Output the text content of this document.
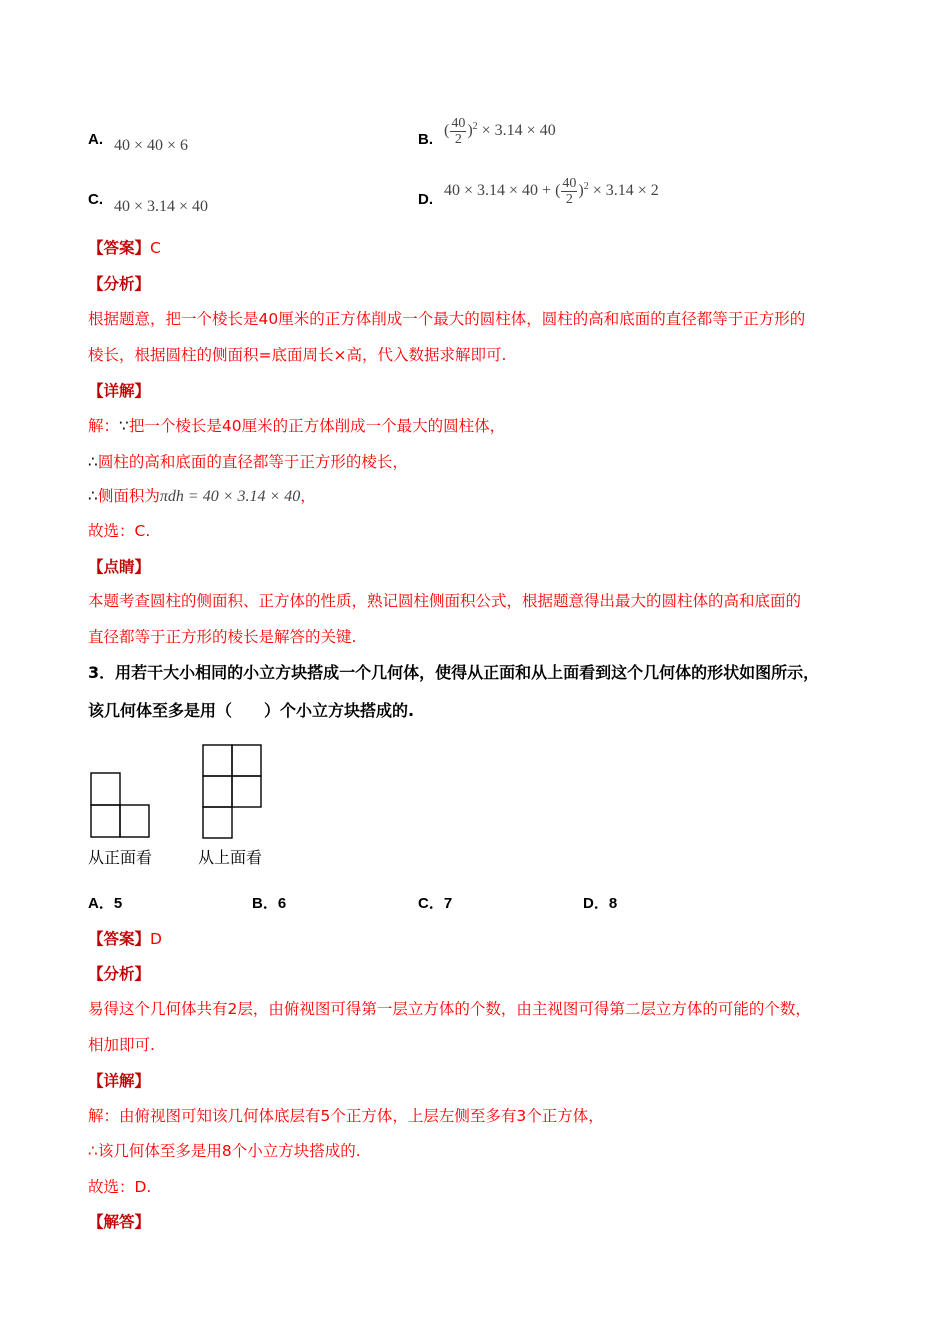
A. 40 × 40 × 6	B.
( $\frac{40}{2} )^2 \times 3.14 \times 40$
C. 40 × 3.14 × 40	D.
40 × 3.14 × 40 + ( $\frac{40}{2} )^2 \times 3.14 \times 2$
【答案】C
【分析】
根据题意，把一个棱长是40厘米的正方体削成一个最大的圆柱体，圆柱的高和底面的直径都等于正方形的
棱长，根据圆柱的侧面积=底面周长×高，代入数据求解即可.
【详解】
解：∵把一个棱长是40厘米的正方体削成一个最大的圆柱体，
∴圆柱的高和底面的直径都等于正方形的棱长，
∴侧面积为πdh = 40 × 3.14 × 40，
故选：C.
【点睛】
本题考查圆柱的侧面积、正方体的性质，熟记圆柱侧面积公式，根据题意得出最大的圆柱体的高和底面的
直径都等于正方形的棱长是解答的关键.
3．用若干大小相同的小立方块搭成一个几何体，使得从正面和从上面看到这个几何体的形状如图所示，
该几何体至多是用（　　）个小立方块搭成的.
从正面看	从上面看
A．5	B．6	C．7	D．8
【答案】D
【分析】
易得这个几何体共有2层，由俯视图可得第一层立方体的个数，由主视图可得第二层立方体的可能的个数，
相加即可.
【详解】
解：由俯视图可知该几何体底层有5个正方体，上层左侧至多有3个正方体，
∴该几何体至多是用8个小立方块搭成的.
故选：D.
【解答】
